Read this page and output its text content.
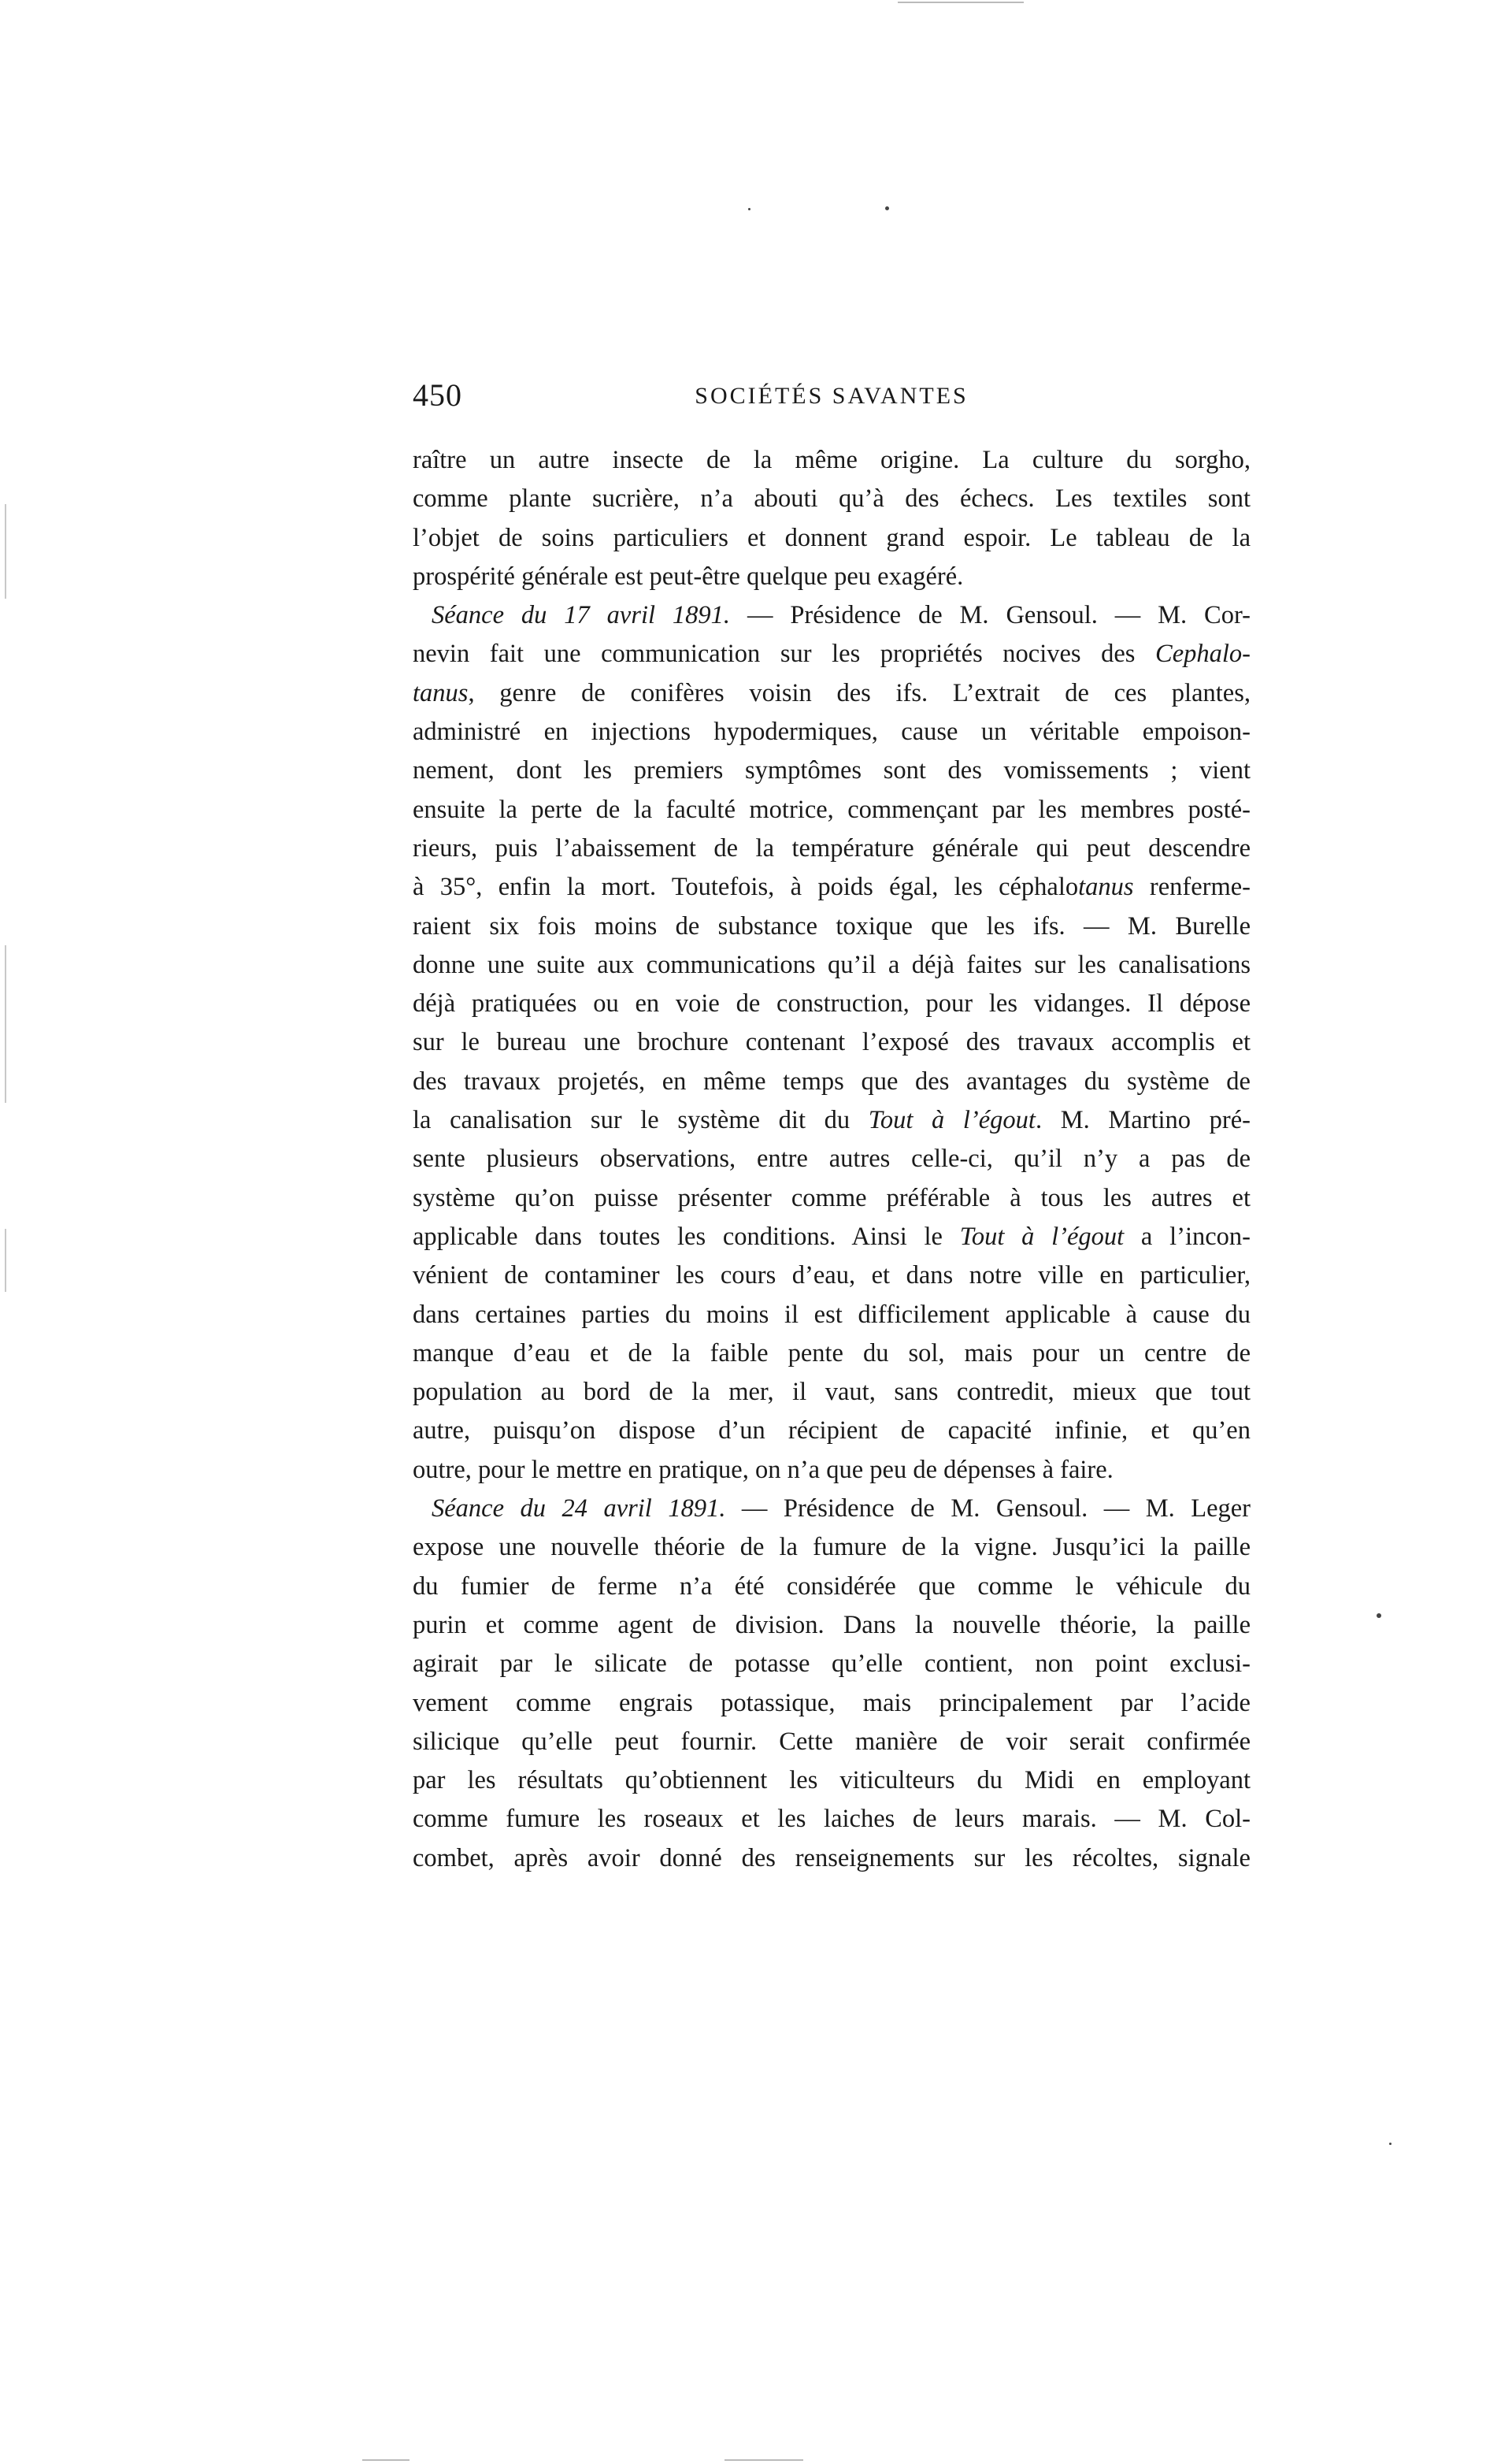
450	SOCIÉTÉS SAVANTES
raître un autre insecte de la même origine. La culture du sorgho,
comme plante sucrière, n’a abouti qu’à des échecs. Les textiles sont
l’objet de soins particuliers et donnent grand espoir. Le tableau de la
prospérité générale est peut-être quelque peu exagéré.
Séance du 17 avril 1891. — Présidence de M. Gensoul. — M. Cor-
nevin fait une communication sur les propriétés nocives des Cephalo-
tanus, genre de conifères voisin des ifs. L’extrait de ces plantes,
administré en injections hypodermiques, cause un véritable empoison-
nement, dont les premiers symptômes sont des vomissements ; vient
ensuite la perte de la faculté motrice, commençant par les membres posté-
rieurs, puis l’abaissement de la température générale qui peut descendre
à 35°, enfin la mort. Toutefois, à poids égal, les céphalotanus renferme-
raient six fois moins de substance toxique que les ifs. — M. Burelle
donne une suite aux communications qu’il a déjà faites sur les canalisations
déjà pratiquées ou en voie de construction, pour les vidanges. Il dépose
sur le bureau une brochure contenant l’exposé des travaux accomplis et
des travaux projetés, en même temps que des avantages du système de
la canalisation sur le système dit du Tout à l’égout. M. Martino pré-
sente plusieurs observations, entre autres celle-ci, qu’il n’y a pas de
système qu’on puisse présenter comme préférable à tous les autres et
applicable dans toutes les conditions. Ainsi le Tout à l’égout a l’incon-
vénient de contaminer les cours d’eau, et dans notre ville en particulier,
dans certaines parties du moins il est difficilement applicable à cause du
manque d’eau et de la faible pente du sol, mais pour un centre de
population au bord de la mer, il vaut, sans contredit, mieux que tout
autre, puisqu’on dispose d’un récipient de capacité infinie, et qu’en
outre, pour le mettre en pratique, on n’a que peu de dépenses à faire.
Séance du 24 avril 1891. — Présidence de M. Gensoul. — M. Leger
expose une nouvelle théorie de la fumure de la vigne. Jusqu’ici la paille
du fumier de ferme n’a été considérée que comme le véhicule du
purin et comme agent de division. Dans la nouvelle théorie, la paille
agirait par le silicate de potasse qu’elle contient, non point exclusi-
vement comme engrais potassique, mais principalement par l’acide
silicique qu’elle peut fournir. Cette manière de voir serait confirmée
par les résultats qu’obtiennent les viticulteurs du Midi en employant
comme fumure les roseaux et les laiches de leurs marais. — M. Col-
combet, après avoir donné des renseignements sur les récoltes, signale
